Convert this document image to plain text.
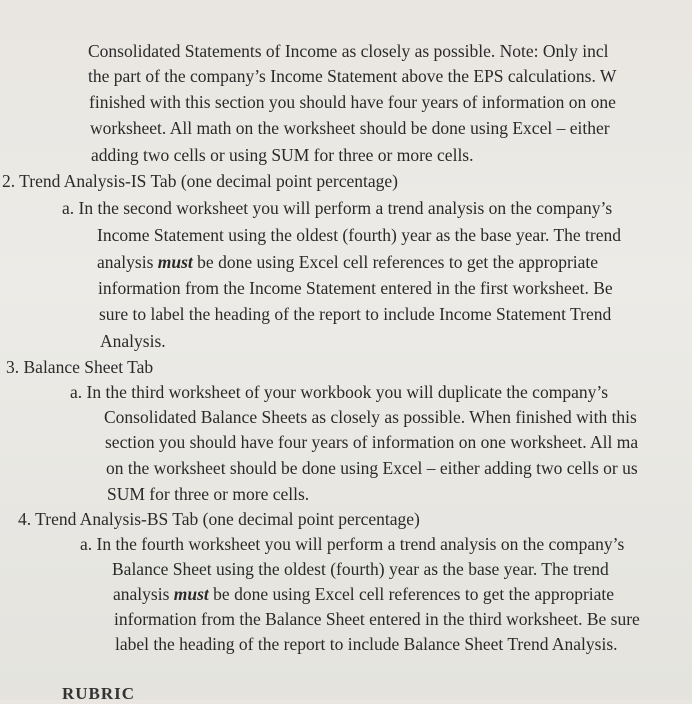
Consolidated Statements of Income as closely as possible. Note: Only incl
the part of the company’s Income Statement above the EPS calculations. W
finished with this section you should have four years of information on one
worksheet. All math on the worksheet should be done using Excel – either
adding two cells or using SUM for three or more cells.
2. Trend Analysis-IS Tab (one decimal point percentage)
a. In the second worksheet you will perform a trend analysis on the company’s
Income Statement using the oldest (fourth) year as the base year. The trend
analysis must be done using Excel cell references to get the appropriate
information from the Income Statement entered in the first worksheet. Be
sure to label the heading of the report to include Income Statement Trend
Analysis.
3. Balance Sheet Tab
a. In the third worksheet of your workbook you will duplicate the company’s
Consolidated Balance Sheets as closely as possible. When finished with this
section you should have four years of information on one worksheet. All ma
on the worksheet should be done using Excel – either adding two cells or us
SUM for three or more cells.
4. Trend Analysis-BS Tab (one decimal point percentage)
a. In the fourth worksheet you will perform a trend analysis on the company’s
Balance Sheet using the oldest (fourth) year as the base year. The trend
analysis must be done using Excel cell references to get the appropriate
information from the Balance Sheet entered in the third worksheet. Be sure
label the heading of the report to include Balance Sheet Trend Analysis.
RUBRIC
